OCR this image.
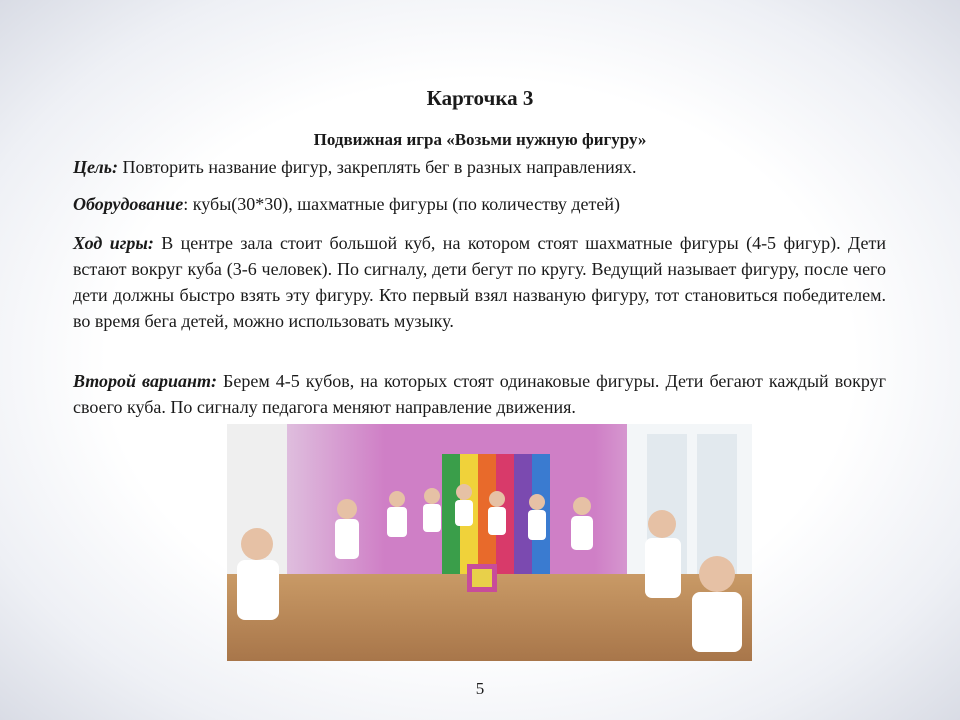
Карточка 3
Подвижная игра «Возьми нужную фигуру»
Цель: Повторить название фигур, закреплять бег в разных направлениях.
Оборудование: кубы(30*30), шахматные фигуры (по количеству детей)
Ход игры: В центре зала стоит большой куб, на котором стоят шахматные фигуры (4-5 фигур). Дети встают вокруг куба (3-6 человек). По сигналу, дети бегут по кругу. Ведущий называет фигуру, после чего дети должны быстро взять эту фигуру. Кто первый взял названую фигуру, тот становиться победителем. во время бега детей, можно использовать музыку.
Второй вариант: Берем 4-5 кубов, на которых стоят одинаковые фигуры. Дети бегают каждый вокруг своего куба. По сигналу педагога меняют направление движения.
5
